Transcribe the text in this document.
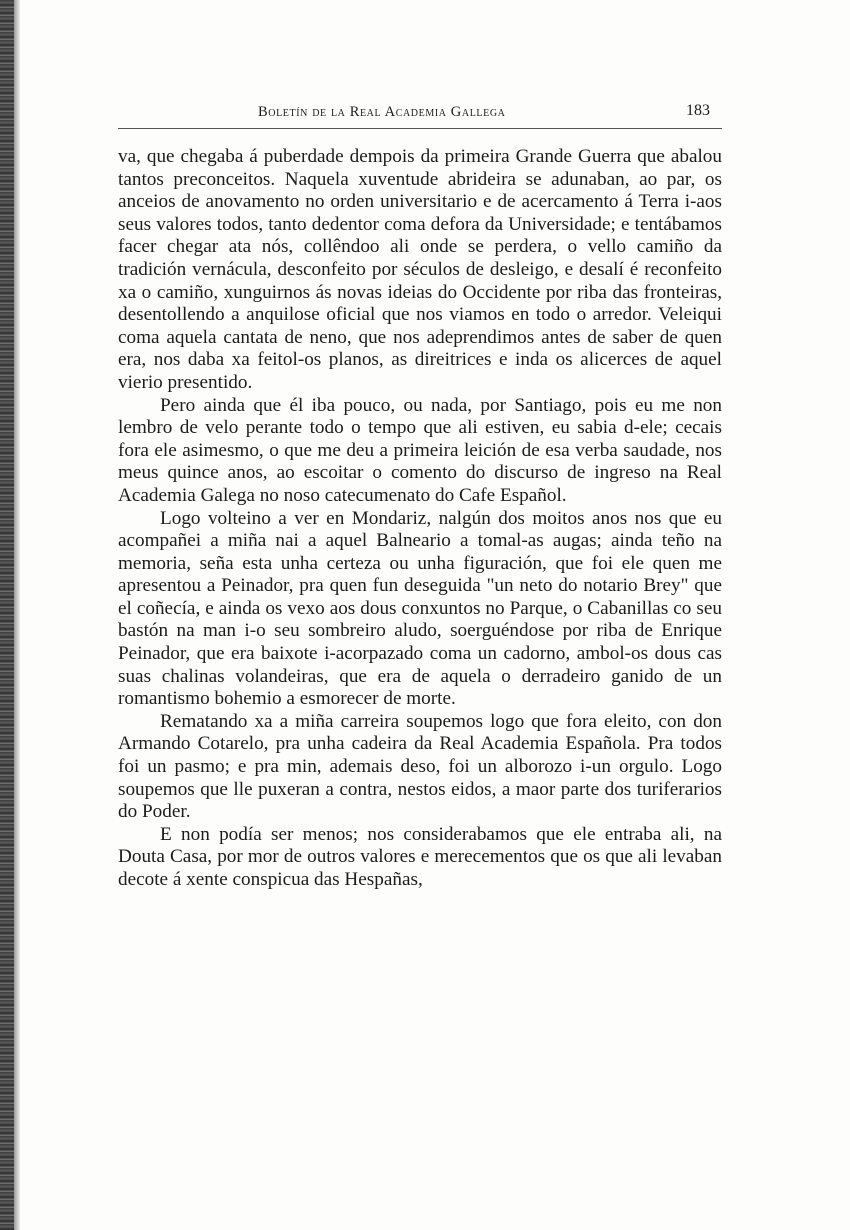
Boletín de la Real Academia Gallega	183

va, que chegaba á puberdade dempois da primeira Grande Guerra que abalou tantos preconceitos. Naquela xuventude abrideira se adunaban, ao par, os anceios de anovamento no orden universitario e de acercamento á Terra i-aos seus valores todos, tanto dedentor coma defora da Universidade; e tentábamos facer chegar ata nós, collêndoo ali onde se perdera, o vello camiño da tradición vernácula, desconfeito por séculos de desleigo, e desalí é reconfeito xa o camiño, xunguirnos ás novas ideias do Occidente por riba das fronteiras, desentollendo a anquilose oficial que nos viamos en todo o arredor. Veleiqui coma aquela cantata de neno, que nos adeprendimos antes de saber de quen era, nos daba xa feitol-os planos, as direitrices e inda os alicerces de aquel vierio presentido.

Pero ainda que él iba pouco, ou nada, por Santiago, pois eu me non lembro de velo perante todo o tempo que ali estiven, eu sabia d-ele; cecais fora ele asimesmo, o que me deu a primeira leición de esa verba saudade, nos meus quince anos, ao escoitar o comento do discurso de ingreso na Real Academia Galega no noso catecumenato do Cafe Español.

Logo volteino a ver en Mondariz, nalgún dos moitos anos nos que eu acompañei a miña nai a aquel Balneario a tomal-as augas; ainda teño na memoria, seña esta unha certeza ou unha figuración, que foi ele quen me apresentou a Peinador, pra quen fun deseguida "un neto do notario Brey" que el coñecía, e ainda os vexo aos dous conxuntos no Parque, o Cabanillas co seu bastón na man i-o seu sombreiro aludo, soerguéndose por riba de Enrique Peinador, que era baixote i-acorpazado coma un cadorno, ambol-os dous cas suas chalinas volandeiras, que era de aquela o derradeiro ganido de un romantismo bohemio a esmorecer de morte.

Rematando xa a miña carreira soupemos logo que fora eleito, con don Armando Cotarelo, pra unha cadeira da Real Academia Española. Pra todos foi un pasmo; e pra min, ademais deso, foi un alborozo i-un orgulo. Logo soupemos que lle puxeran a contra, nestos eidos, a maor parte dos turiferarios do Poder.

E non podía ser menos; nos considerabamos que ele entraba ali, na Douta Casa, por mor de outros valores e merecementos que os que ali levaban decote á xente conspicua das Hespañas,
